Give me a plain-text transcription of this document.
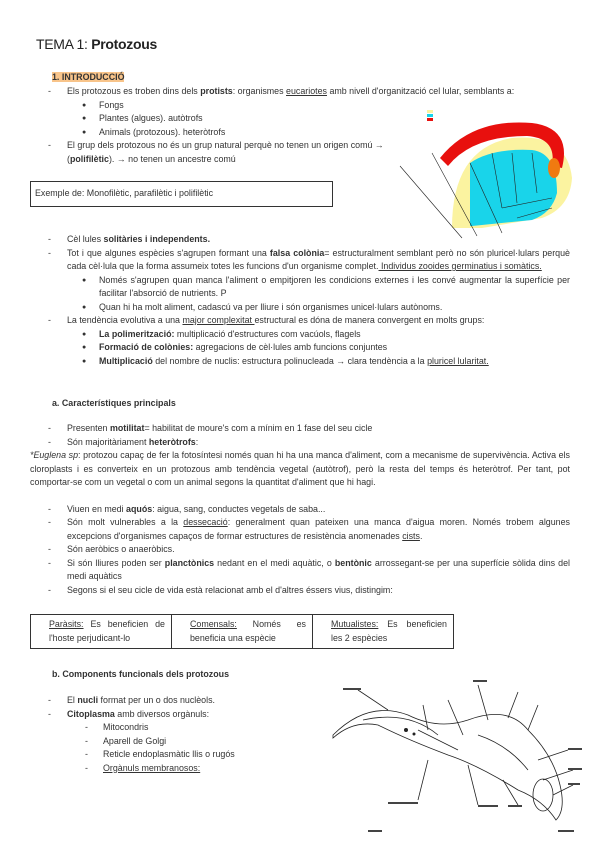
TEMA 1: Protozous
1. INTRODUCCIÓ
- Els protozous es troben dins dels protists: organismes eucariotes amb nivell d'organització cel lular, semblants a:
● Fongs
● Plantes (algues). autòtrofs
● Animals (protozous). heteròtrofs
- El grup dels protozous no és un grup natural perquè no tenen un origen comú → (polifilètic). → no tenen un ancestre comú
Exemple de: Monofilètic, parafilètic i polifilètic
- Cèl lules solitàries i independents.
- Tot i que algunes espècies s'agrupen formant una falsa colònia= estructuralment semblant però no són pluricel·lulars perquè cada cèl·lula que la forma assumeix totes les funcions d'un organisme complet. Individus zooides germinatius i somàtics.
● Només s'agrupen quan manca l'aliment o empitjoren les condicions externes i les convé augmentar la superfície per facilitar l'absorció de nutrients. P
● Quan hi ha molt aliment, cadascú va per lliure i són organismes unicel·lulars autònoms.
- La tendència evolutiva a una major complexitat estructural es dóna de manera convergent en molts grups:
● La polimerització: multiplicació d'estructures com vacúols, flagels
● Formació de colònies: agregacions de cèl·lules amb funcions conjuntes
● Multiplicació del nombre de nuclis: estructura polinucleada → clara tendència a la pluricel lularitat.
a. Característiques principals
- Presenten motilitat= habilitat de moure's com a mínim en 1 fase del seu cicle
- Són majoritàriament heteròtrofs:
*Euglena sp: protozou capaç de fer la fotosíntesi només quan hi ha una manca d'aliment, com a mecanisme de supervivència. Activa els cloroplasts i es converteix en un protozous amb tendència vegetal (autòtrof), però la resta del temps és heteròtrof. Per tant, pot comportar-se com un vegetal o com un animal segons la quantitat d'aliment que hi hagi.
- Viuen en medi aquós: aigua, sang, conductes vegetals de saba...
- Són molt vulnerables a la dessecació: generalment quan pateixen una manca d'aigua moren. Només trobem algunes excepcions d'organismes capaços de formar estructures de resistència anomenades cists.
- Són aeròbics o anaeròbics.
- Si són lliures poden ser planctònics nedant en el medi aquàtic, o bentònic arrossegant-se per una superfície sòlida dins del medi aquàtics
- Segons si el seu cicle de vida està relacionat amb el d'altres éssers vius, distingim:
Paràsits: Es beneficien de l'hoste perjudicant-lo	Comensals: Només es beneficia una espècie	Mutualistes: Es beneficien les 2 espècies
b. Components funcionals dels protozous
- El nucli format per un o dos nuclèols.
- Citoplasma amb diversos orgànuls:
- Mitocondris
- Aparell de Golgi
- Reticle endoplasmàtic llis o rugós
- Orgànuls membranosos:
